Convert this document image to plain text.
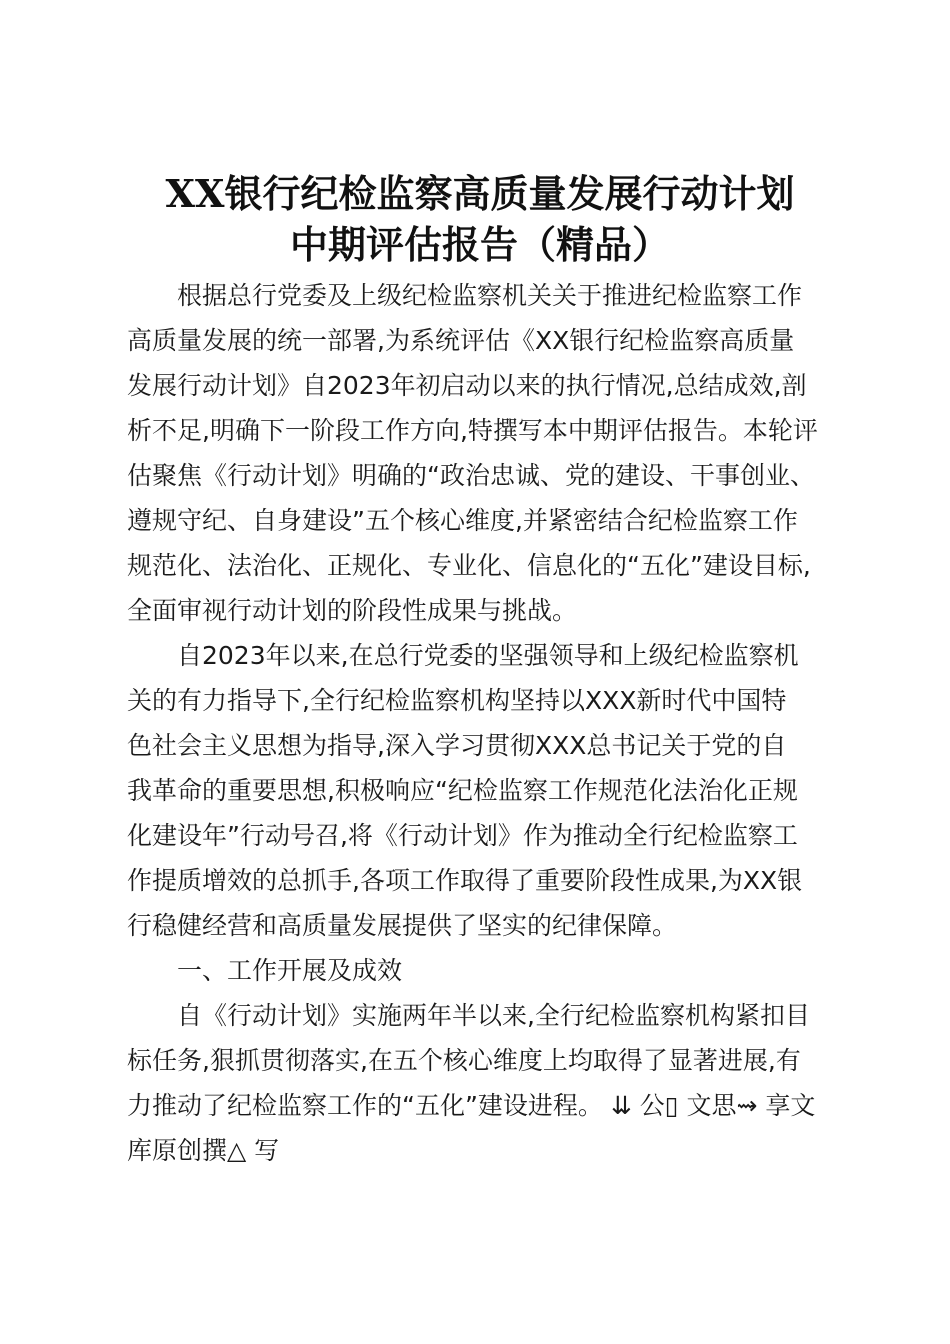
XX银行纪检监察高质量发展行动计划
中期评估报告（精品）

根据总行党委及上级纪检监察机关关于推进纪检监察工作

高质量发展的统一部署,为系统评估《XX银行纪检监察高质量

发展行动计划》自2023年初启动以来的执行情况,总结成效,剖

析不足,明确下一阶段工作方向,特撰写本中期评估报告。本轮评

估聚焦《行动计划》明确的“政治忠诚、党的建设、干事创业、

遵规守纪、自身建设”五个核心维度,并紧密结合纪检监察工作

规范化、法治化、正规化、专业化、信息化的“五化”建设目标,

全面审视行动计划的阶段性成果与挑战。

自2023年以来,在总行党委的坚强领导和上级纪检监察机

关的有力指导下,全行纪检监察机构坚持以XXX新时代中国特

色社会主义思想为指导,深入学习贯彻XXX总书记关于党的自

我革命的重要思想,积极响应“纪检监察工作规范化法治化正规

化建设年”行动号召,将《行动计划》作为推动全行纪检监察工

作提质增效的总抓手,各项工作取得了重要阶段性成果,为XX银

行稳健经营和高质量发展提供了坚实的纪律保障。

一、工作开展及成效

自《行动计划》实施两年半以来,全行纪检监察机构紧扣目

标任务,狠抓贯彻落实,在五个核心维度上均取得了显著进展,有

力推动了纪检监察工作的“五化”建设进程。 ⇊ 公▯ 文思⇝ 享文

库原创撰△ 写
